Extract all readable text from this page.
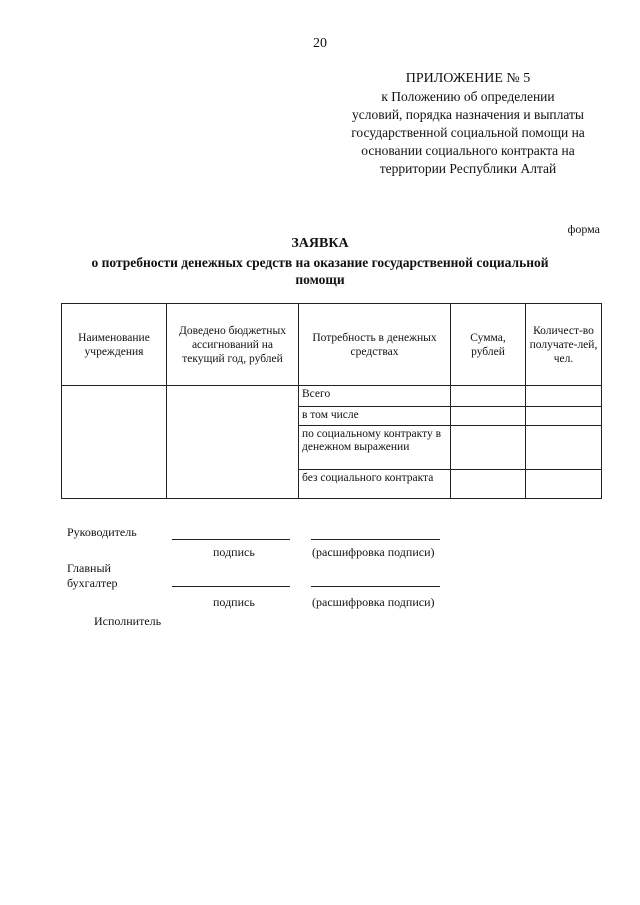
20
ПРИЛОЖЕНИЕ № 5
к Положению об определении
условий, порядка назначения и выплаты
государственной социальной помощи на
основании социального контракта на
территории Республики Алтай
форма
ЗАЯВКА
о потребности денежных средств на оказание государственной социальной
помощи
Наименование учреждения	Доведено бюджетных ассигнований на текущий год, рублей	Потребность в денежных средствах	Сумма, рублей	Количест-во получате-лей, чел.
		Всего		
		в том числе		
		по социальному контракту в денежном выражении		
		без социального контракта		
Руководитель
подпись	(расшифровка подписи)
Главный
бухгалтер
подпись	(расшифровка подписи)
Исполнитель
